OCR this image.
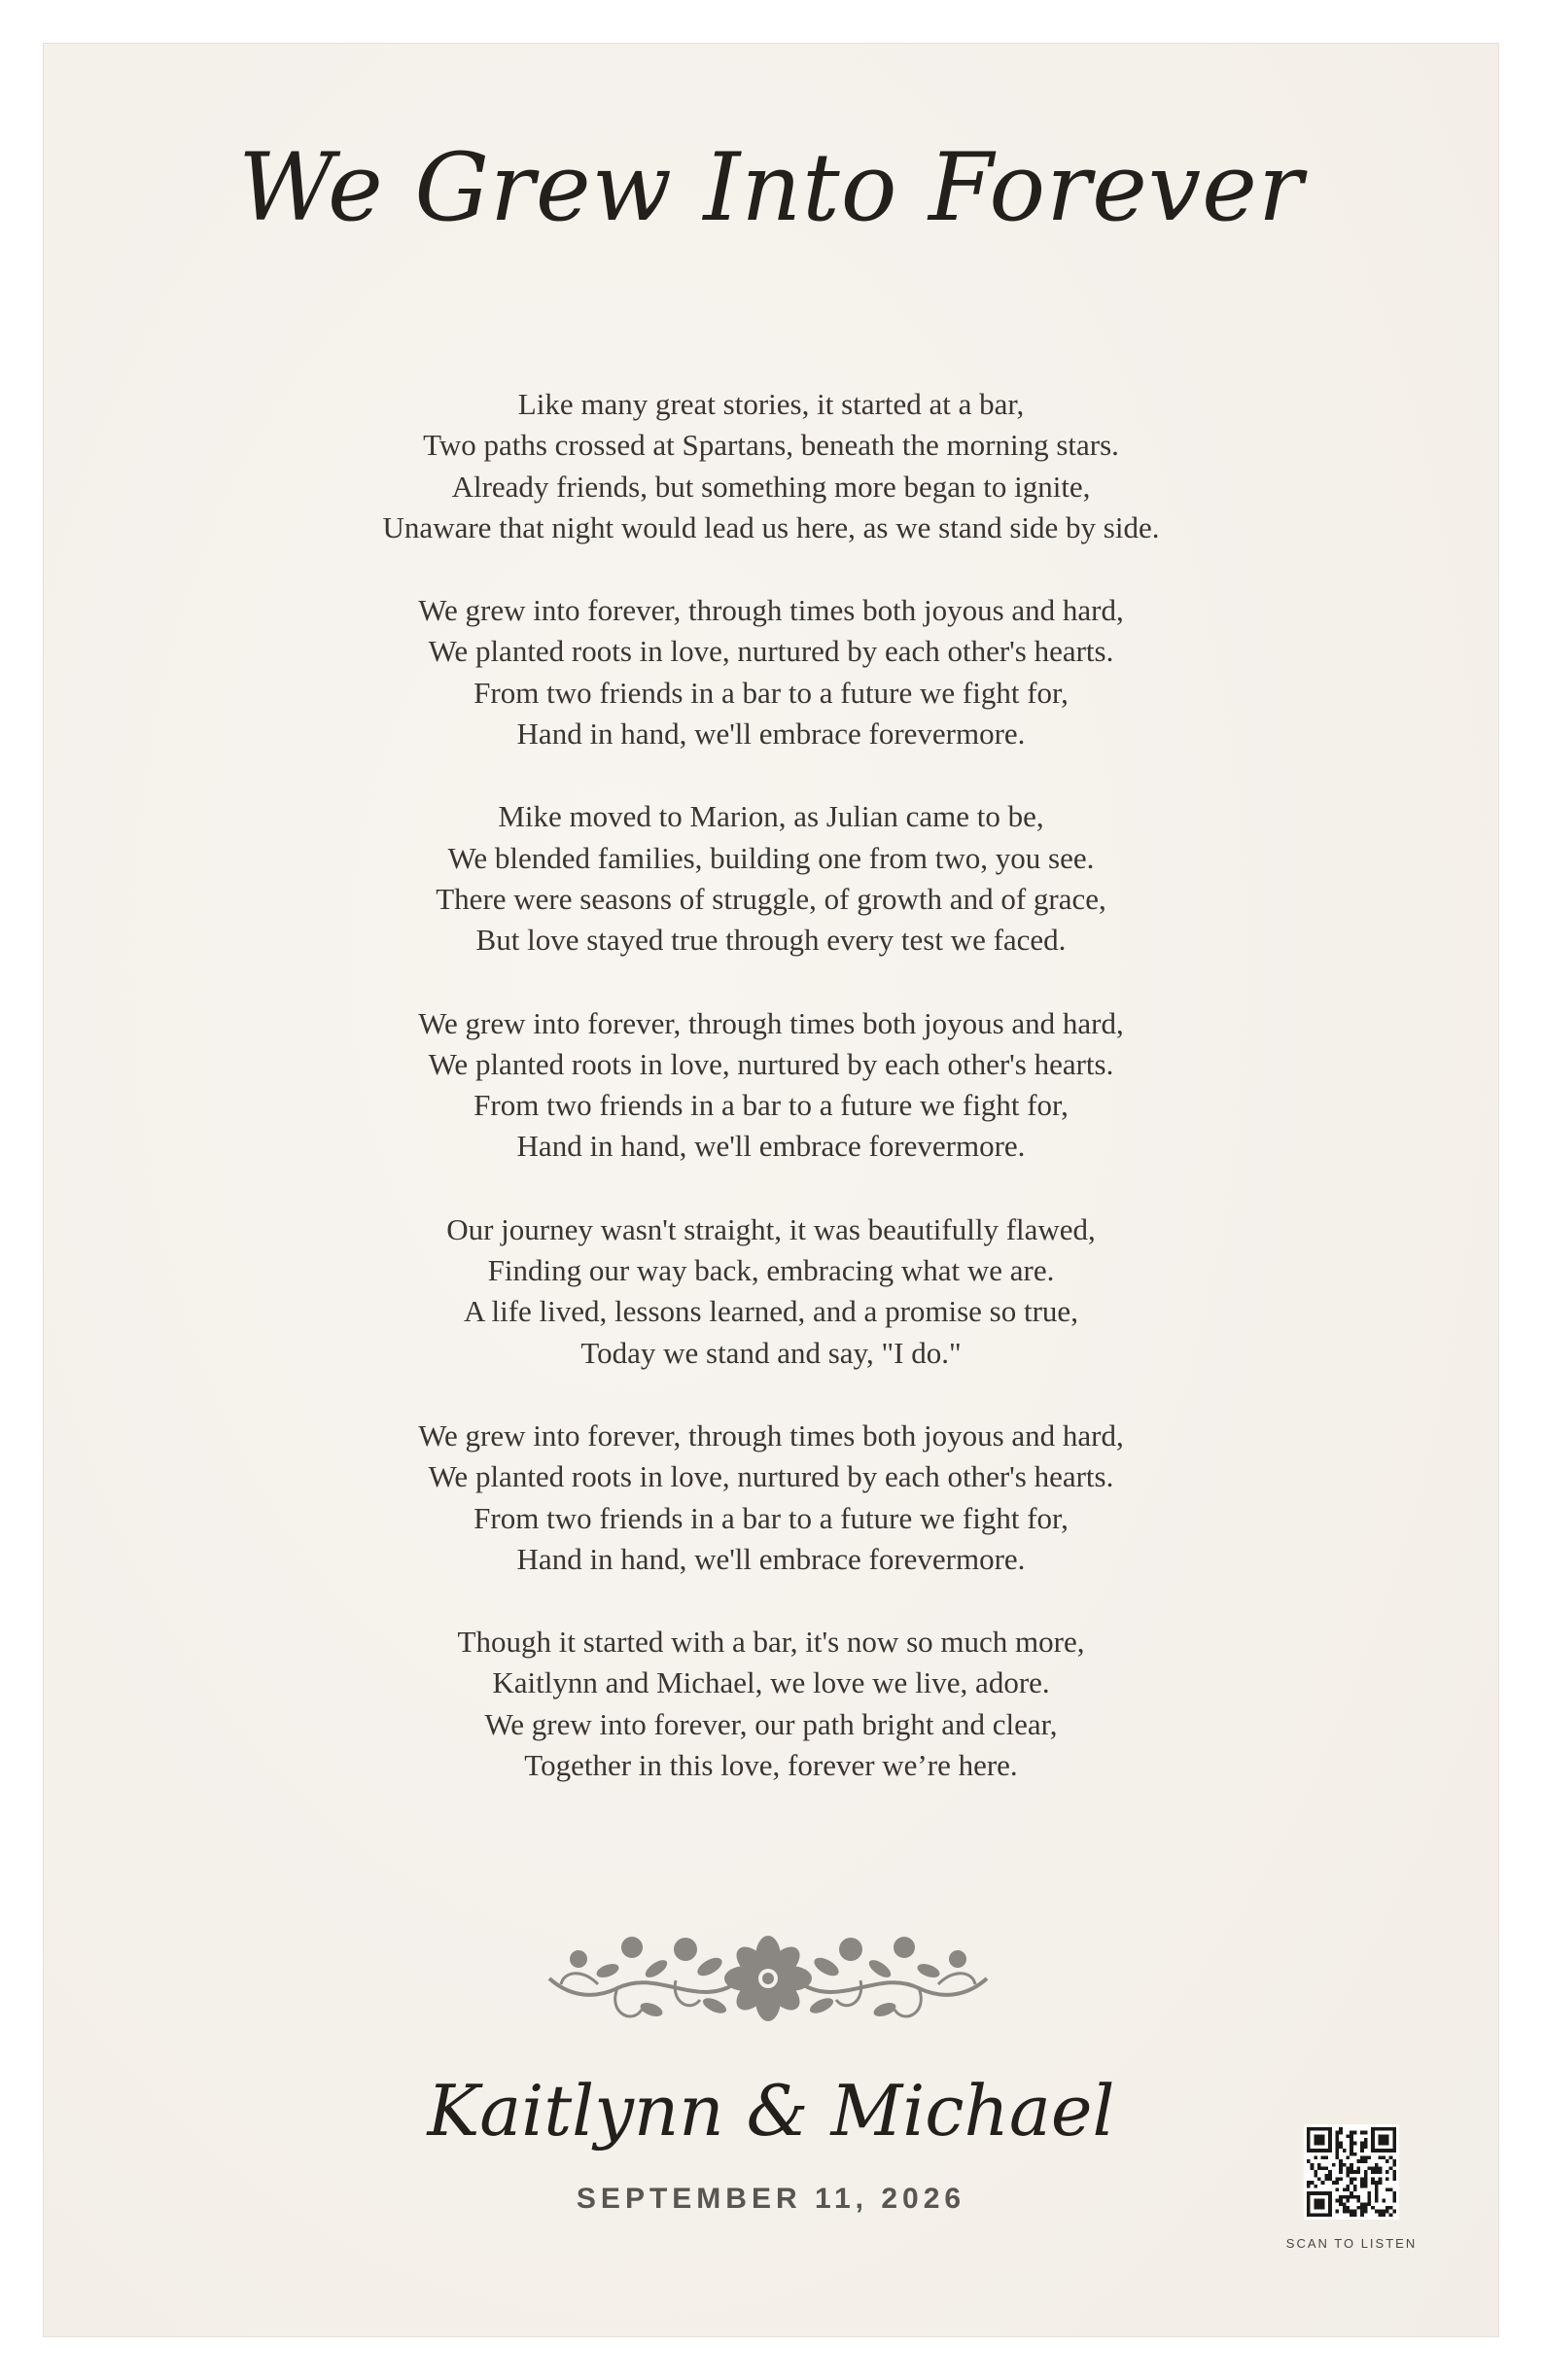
We Grew Into Forever
Like many great stories, it started at a bar,
Two paths crossed at Spartans, beneath the morning stars.
Already friends, but something more began to ignite,
Unaware that night would lead us here, as we stand side by side.
We grew into forever, through times both joyous and hard,
We planted roots in love, nurtured by each other's hearts.
From two friends in a bar to a future we fight for,
Hand in hand, we'll embrace forevermore.
Mike moved to Marion, as Julian came to be,
We blended families, building one from two, you see.
There were seasons of struggle, of growth and of grace,
But love stayed true through every test we faced.
We grew into forever, through times both joyous and hard,
We planted roots in love, nurtured by each other's hearts.
From two friends in a bar to a future we fight for,
Hand in hand, we'll embrace forevermore.
Our journey wasn't straight, it was beautifully flawed,
Finding our way back, embracing what we are.
A life lived, lessons learned, and a promise so true,
Today we stand and say, "I do."
We grew into forever, through times both joyous and hard,
We planted roots in love, nurtured by each other's hearts.
From two friends in a bar to a future we fight for,
Hand in hand, we'll embrace forevermore.
Though it started with a bar, it's now so much more,
Kaitlynn and Michael, we love we live, adore.
We grew into forever, our path bright and clear,
Together in this love, forever we’re here.
Kaitlynn & Michael
SEPTEMBER 11, 2026
SCAN TO LISTEN
